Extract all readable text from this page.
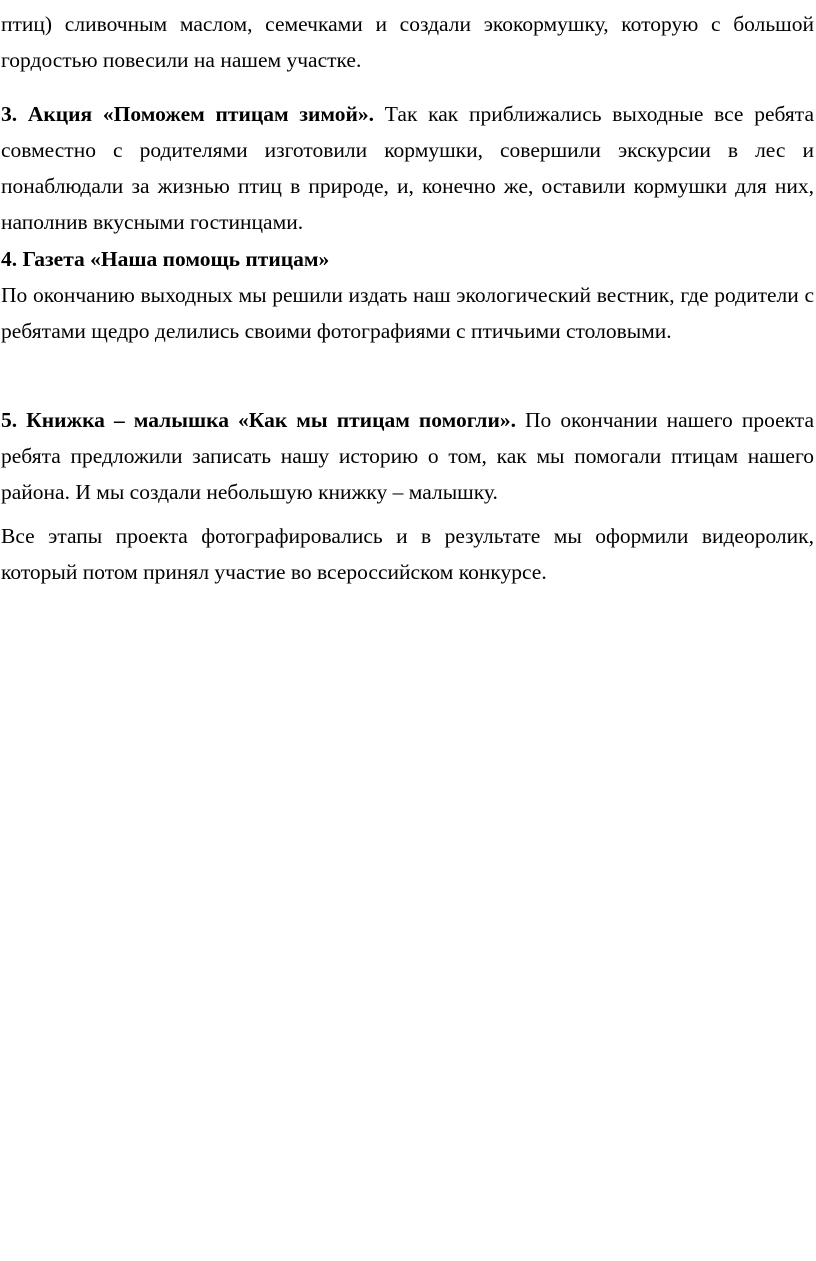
птиц) сливочным маслом, семечками и создали экокормушку, которую с большой гордостью повесили на нашем участке.

3. Акция «Поможем птицам зимой». Так как приближались выходные все ребята совместно с родителями изготовили кормушки, совершили экскурсии в лес и понаблюдали за жизнью птиц в природе, и, конечно же, оставили кормушки для них, наполнив вкусными гостинцами.

4. Газета «Наша помощь птицам»

По окончанию выходных мы решили издать наш экологический вестник, где родители с ребятами щедро делились своими фотографиями с птичьими столовыми.

5. Книжка – малышка «Как мы птицам помогли». По окончании нашего проекта ребята предложили записать нашу историю о том, как мы помогали птицам нашего района. И мы создали небольшую книжку – малышку.

Все этапы проекта фотографировались и в результате мы оформили видеоролик, который потом принял участие во всероссийском конкурсе.
